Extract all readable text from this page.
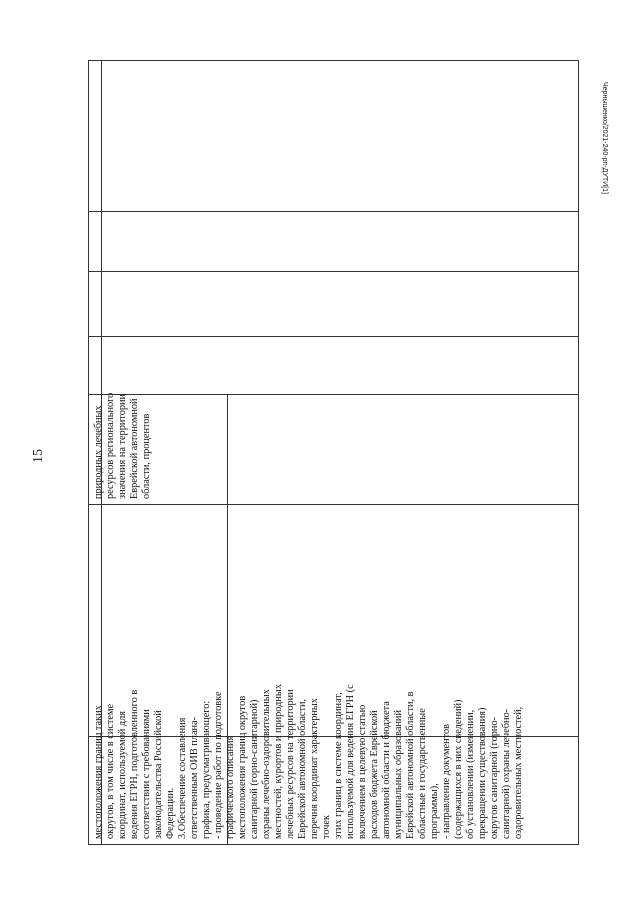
15
Чернышенко/2021-240-рп-ДУТИ[1]
местоположения границ таких округов, в том числе в системе координат, используемой для ведения ЕГРН, подготовленного в соответствии с требованиями законодательства Российской Федерации. 3.Обеспечение составления ответственным ОИВ плана- графика, предусматривающего: - проведение работ по подготовке графического описания местоположения границ округов санитарной (горно-санитарной) охраны лечебно-оздоровительных местностей, курортов и природных лечебных ресурсов на территории Еврейской автономной области, перечня координат характерных точек этих границ в системе координат, используемой для ведения ЕГРН (с включением в целевую статью расходов бюджета Еврейской автономной области и бюджета муниципальных образований Еврейской автономной области, в областные и государственные программы), - направление документов (содержащихся в них сведений) об установлении (изменении, прекращении существования) округов санитарной (горно- санитарной) охраны лечебно- оздоровительных местностей,
природных лечебных ресурсов регионального значения на территории Еврейской автономной области, процентов
